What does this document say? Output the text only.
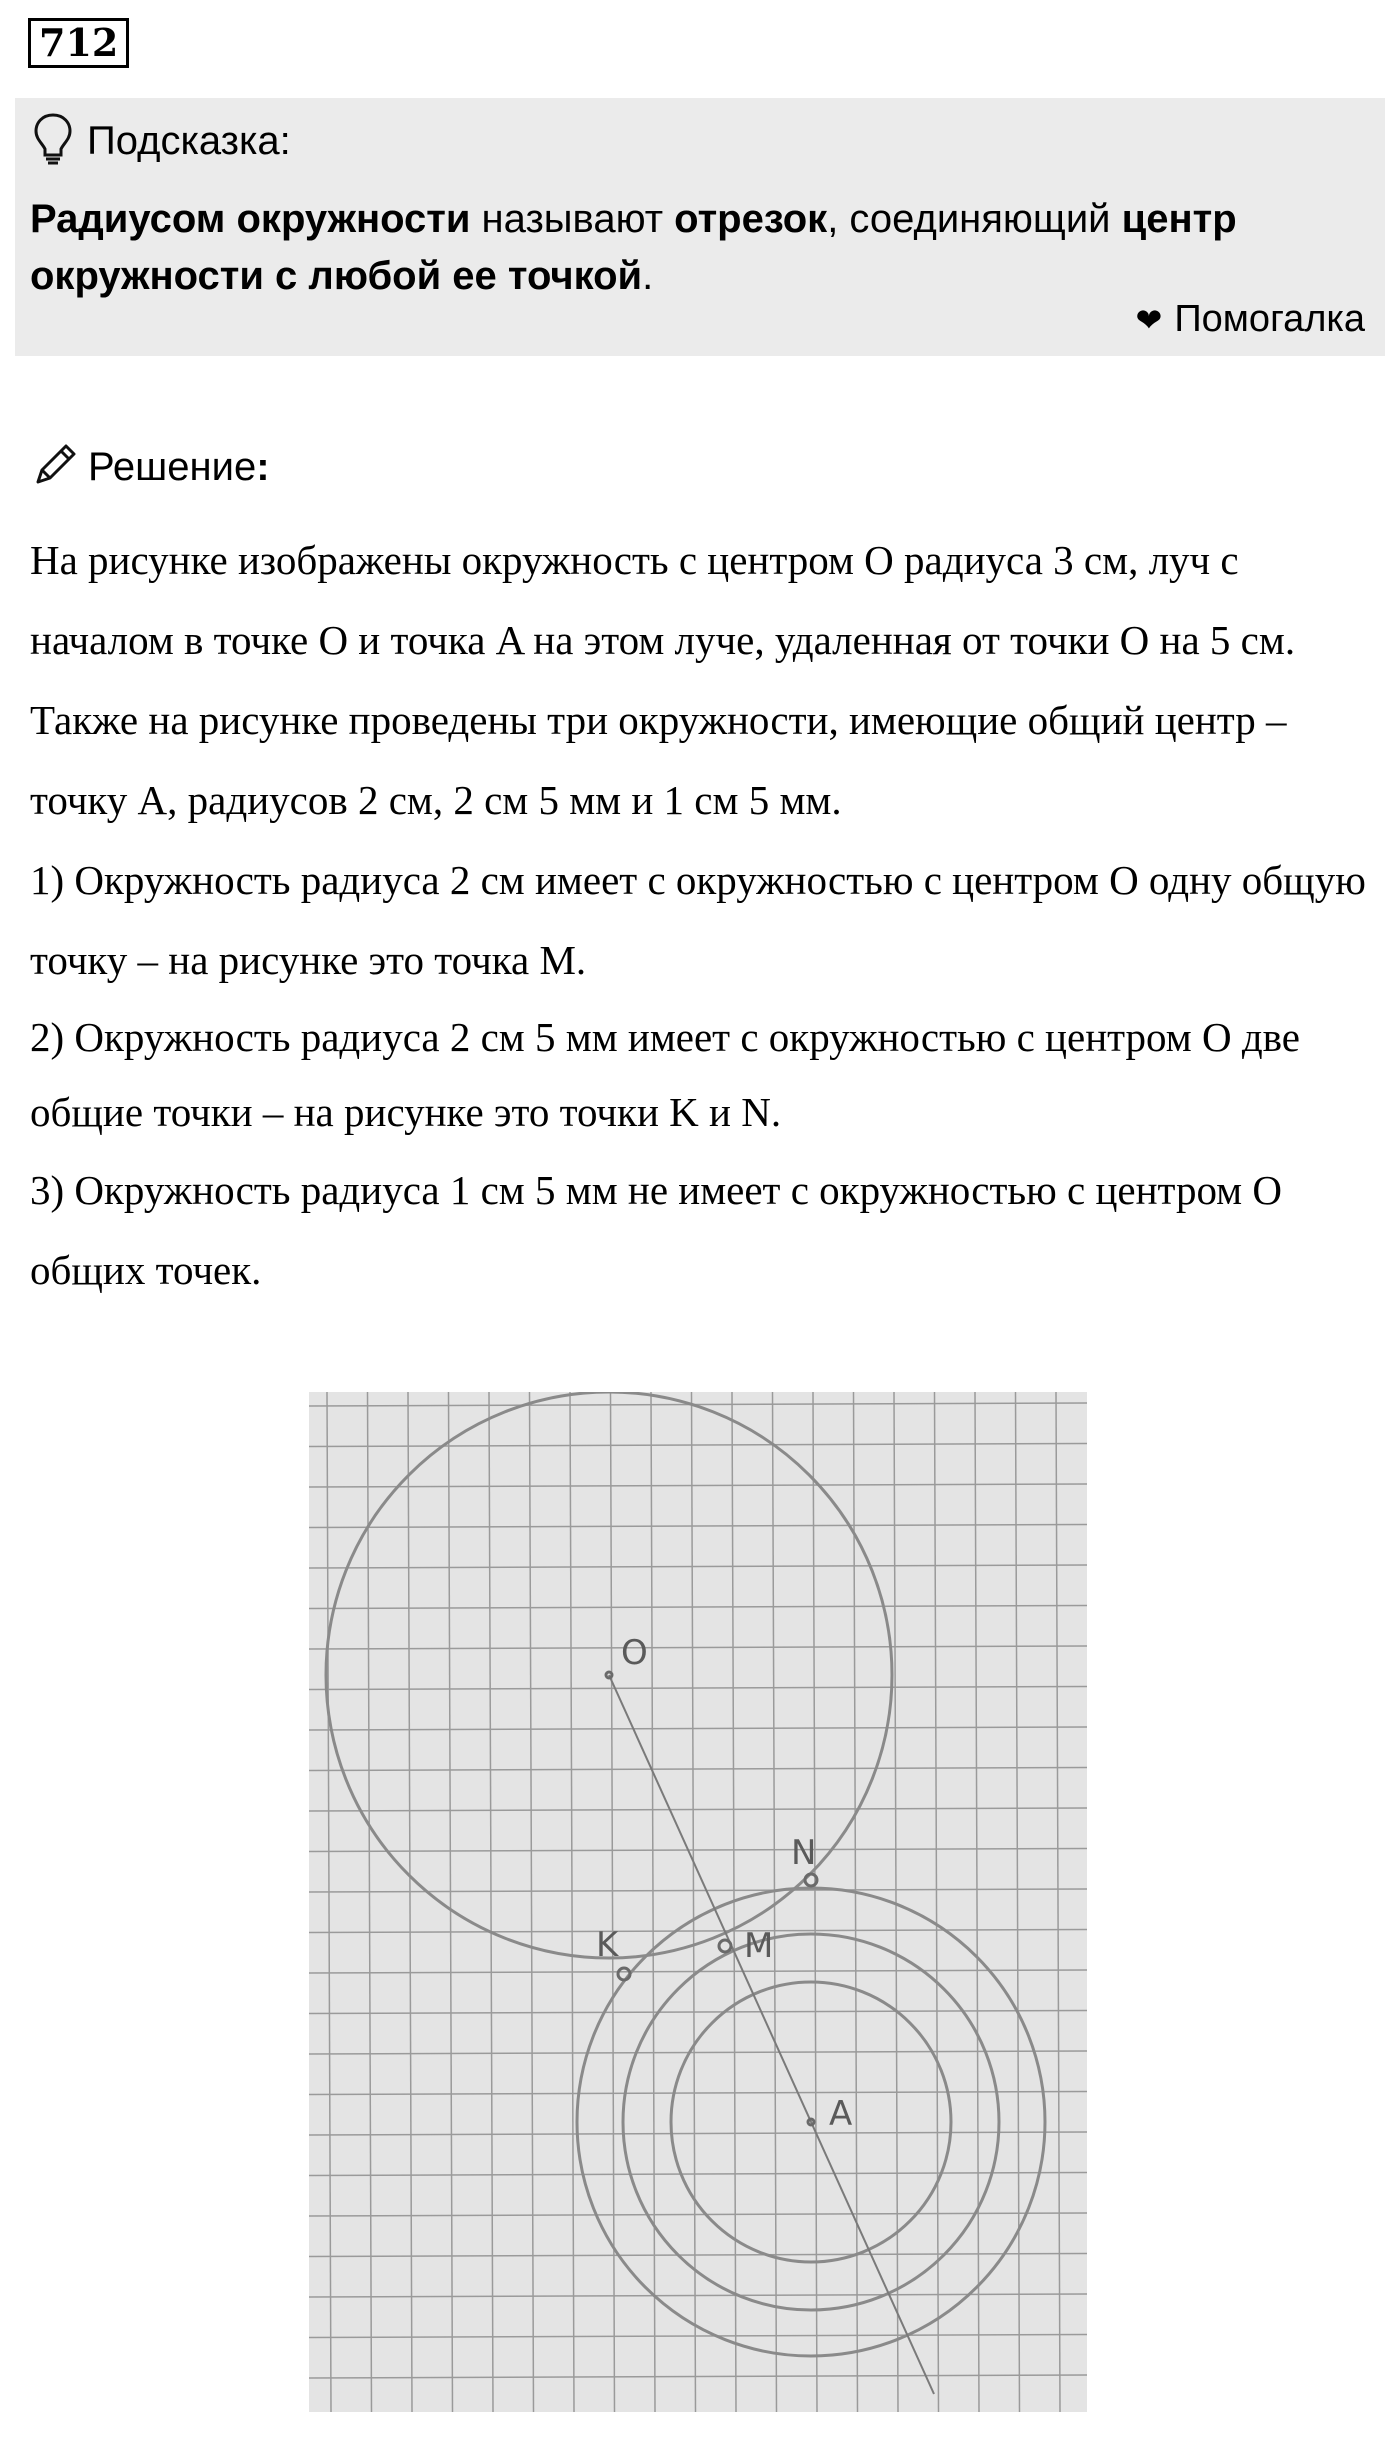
712
Подсказка:
Радиусом окружности называют отрезок, соединяющий центр окружности с любой ее точкой.
❤ Помогалка
Решение:

На рисунке изображены окружность с центром O радиуса 3 см, луч с началом в точке O и точка A на этом луче, удаленная от точки O на 5 см. Также на рисунке проведены три окружности, имеющие общий центр – точку A, радиусов 2 см, 2 см 5 мм и 1 см 5 мм.

1) Окружность радиуса 2 см имеет с окружностью с центром O одну общую точку – на рисунке это точка M.

2) Окружность радиуса 2 см 5 мм имеет с окружностью с центром O две общие точки – на рисунке это точки K и N.

3) Окружность радиуса 1 см 5 мм не имеет с окружностью с центром O общих точек.

O
A
M
K
N
